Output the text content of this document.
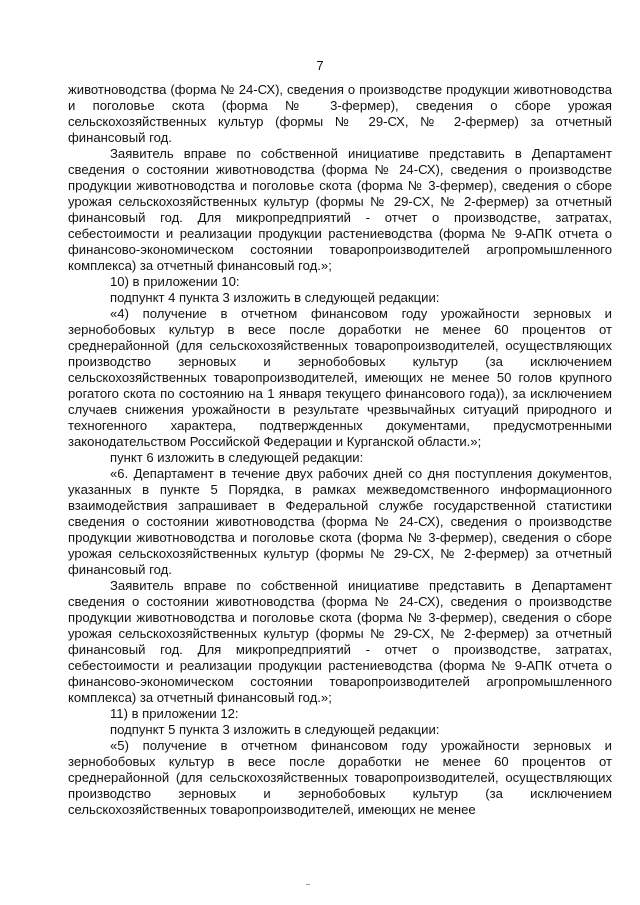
7

животноводства (форма № 24-СХ), сведения о производстве продукции животноводства и поголовье скота (форма № 3-фермер), сведения о сборе урожая сельскохозяйственных культур (формы № 29-СХ, № 2-фермер) за отчетный финансовый год.

Заявитель вправе по собственной инициативе представить в Департамент сведения о состоянии животноводства (форма № 24-СХ), сведения о производстве продукции животноводства и поголовье скота (форма № 3-фермер), сведения о сборе урожая сельскохозяйственных культур (формы № 29-СХ, № 2-фермер) за отчетный финансовый год. Для микропредприятий - отчет о производстве, затратах, себестоимости и реализации продукции растениеводства (форма № 9-АПК отчета о финансово-экономическом состоянии товаропроизводителей агропромышленного комплекса) за отчетный финансовый год.»;

10) в приложении 10:

подпункт 4 пункта 3 изложить в следующей редакции:

«4) получение в отчетном финансовом году урожайности зерновых и зернобобовых культур в весе после доработки не менее 60 процентов от среднерайонной (для сельскохозяйственных товаропроизводителей, осуществляющих производство зерновых и зернобобовых культур (за исключением сельскохозяйственных товаропроизводителей, имеющих не менее 50 голов крупного рогатого скота по состоянию на 1 января текущего финансового года)), за исключением случаев снижения урожайности в результате чрезвычайных ситуаций природного и техногенного характера, подтвержденных документами, предусмотренными законодательством Российской Федерации и Курганской области.»;

пункт 6 изложить в следующей редакции:

«6. Департамент в течение двух рабочих дней со дня поступления документов, указанных в пункте 5 Порядка, в рамках межведомственного информационного взаимодействия запрашивает в Федеральной службе государственной статистики сведения о состоянии животноводства (форма № 24-СХ), сведения о производстве продукции животноводства и поголовье скота (форма № 3-фермер), сведения о сборе урожая сельскохозяйственных культур (формы № 29-СХ, № 2-фермер) за отчетный финансовый год.

Заявитель вправе по собственной инициативе представить в Департамент сведения о состоянии животноводства (форма № 24-СХ), сведения о производстве продукции животноводства и поголовье скота (форма № 3-фермер), сведения о сборе урожая сельскохозяйственных культур (формы № 29-СХ, № 2-фермер) за отчетный финансовый год. Для микропредприятий - отчет о производстве, затратах, себестоимости и реализации продукции растениеводства (форма № 9-АПК отчета о финансово-экономическом состоянии товаропроизводителей агропромышленного комплекса) за отчетный финансовый год.»;

11) в приложении 12:

подпункт 5 пункта 3 изложить в следующей редакции:

«5) получение в отчетном финансовом году урожайности зерновых и зернобобовых культур в весе после доработки не менее 60 процентов от среднерайонной (для сельскохозяйственных товаропроизводителей, осуществляющих производство зерновых и зернобобовых культур (за исключением сельскохозяйственных товаропроизводителей, имеющих не менее
